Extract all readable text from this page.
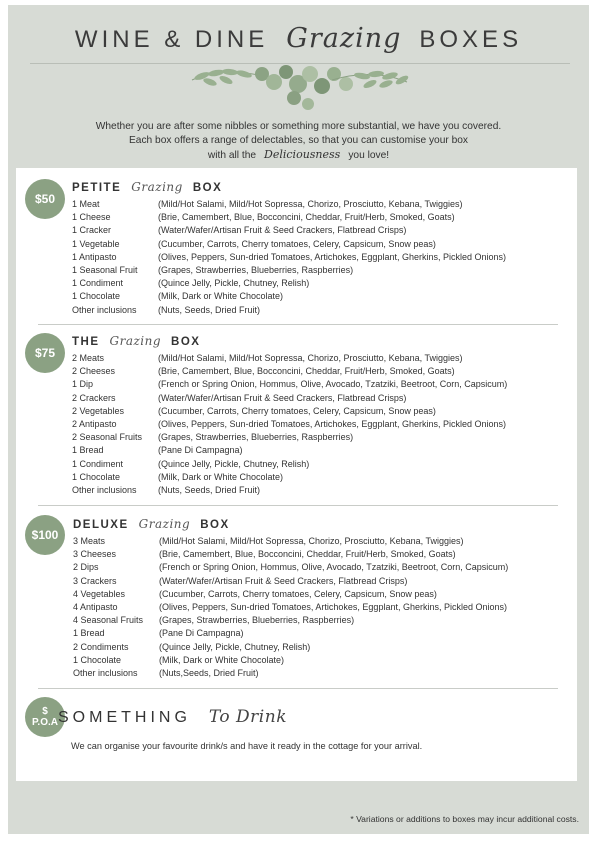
WINE & DINE Grazing BOXES
Whether you are after some nibbles or something more substantial, we have you covered.
Each box offers a range of delectables, so that you can customise your box
with all the Deliciousness you love!
$50
PETITE Grazing BOX
1 Meat	(Mild/Hot Salami, Mild/Hot Sopressa, Chorizo, Prosciutto, Kebana, Twiggies)
1 Cheese	(Brie, Camembert, Blue, Bocconcini, Cheddar, Fruit/Herb, Smoked, Goats)
1 Cracker	(Water/Wafer/Artisan Fruit & Seed Crackers, Flatbread Crisps)
1 Vegetable	(Cucumber, Carrots, Cherry tomatoes, Celery, Capsicum, Snow peas)
1 Antipasto	(Olives, Peppers, Sun-dried Tomatoes, Artichokes, Eggplant, Gherkins, Pickled Onions)
1 Seasonal Fruit (Grapes, Strawberries, Blueberries, Raspberries)
1 Condiment	(Quince Jelly, Pickle, Chutney, Relish)
1 Chocolate	(Milk, Dark or White Chocolate)
Other inclusions (Nuts, Seeds, Dried Fruit)
$75
THE Grazing BOX
2 Meats	(Mild/Hot Salami, Mild/Hot Sopressa, Chorizo, Prosciutto, Kebana, Twiggies)
2 Cheeses	(Brie, Camembert, Blue, Bocconcini, Cheddar, Fruit/Herb, Smoked, Goats)
1 Dip	(French or Spring Onion, Hommus, Olive, Avocado, Tzatziki, Beetroot, Corn, Capsicum)
2 Crackers	(Water/Wafer/Artisan Fruit & Seed Crackers, Flatbread Crisps)
2 Vegetables	(Cucumber, Carrots, Cherry tomatoes, Celery, Capsicum, Snow peas)
2 Antipasto	(Olives, Peppers, Sun-dried Tomatoes, Artichokes, Eggplant, Gherkins, Pickled Onions)
2 Seasonal Fruits (Grapes, Strawberries, Blueberries, Raspberries)
1 Bread	(Pane Di Campagna)
1 Condiment	(Quince Jelly, Pickle, Chutney, Relish)
1 Chocolate	(Milk, Dark or White Chocolate)
Other inclusions (Nuts, Seeds, Dried Fruit)
$100
DELUXE Grazing BOX
3 Meats	(Mild/Hot Salami, Mild/Hot Sopressa, Chorizo, Prosciutto, Kebana, Twiggies)
3 Cheeses	(Brie, Camembert, Blue, Bocconcini, Cheddar, Fruit/Herb, Smoked, Goats)
2 Dips	(French or Spring Onion, Hommus, Olive, Avocado, Tzatziki, Beetroot, Corn, Capsicum)
3 Crackers	(Water/Wafer/Artisan Fruit & Seed Crackers, Flatbread Crisps)
4 Vegetables	(Cucumber, Carrots, Cherry tomatoes, Celery, Capsicum, Snow peas)
4 Antipasto	(Olives, Peppers, Sun-dried Tomatoes, Artichokes, Eggplant, Gherkins, Pickled Onions)
4 Seasonal Fruits (Grapes, Strawberries, Blueberries, Raspberries)
1 Bread	(Pane Di Campagna)
2 Condiments	(Quince Jelly, Pickle, Chutney, Relish)
1 Chocolate	(Milk, Dark or White Chocolate)
Other inclusions (Nuts,Seeds, Dried Fruit)
$
P.O.A SOMETHING To Drink
We can organise your favourite drink/s and have it ready in the cottage for your arrival.
* Variations or additions to boxes may incur additional costs.
